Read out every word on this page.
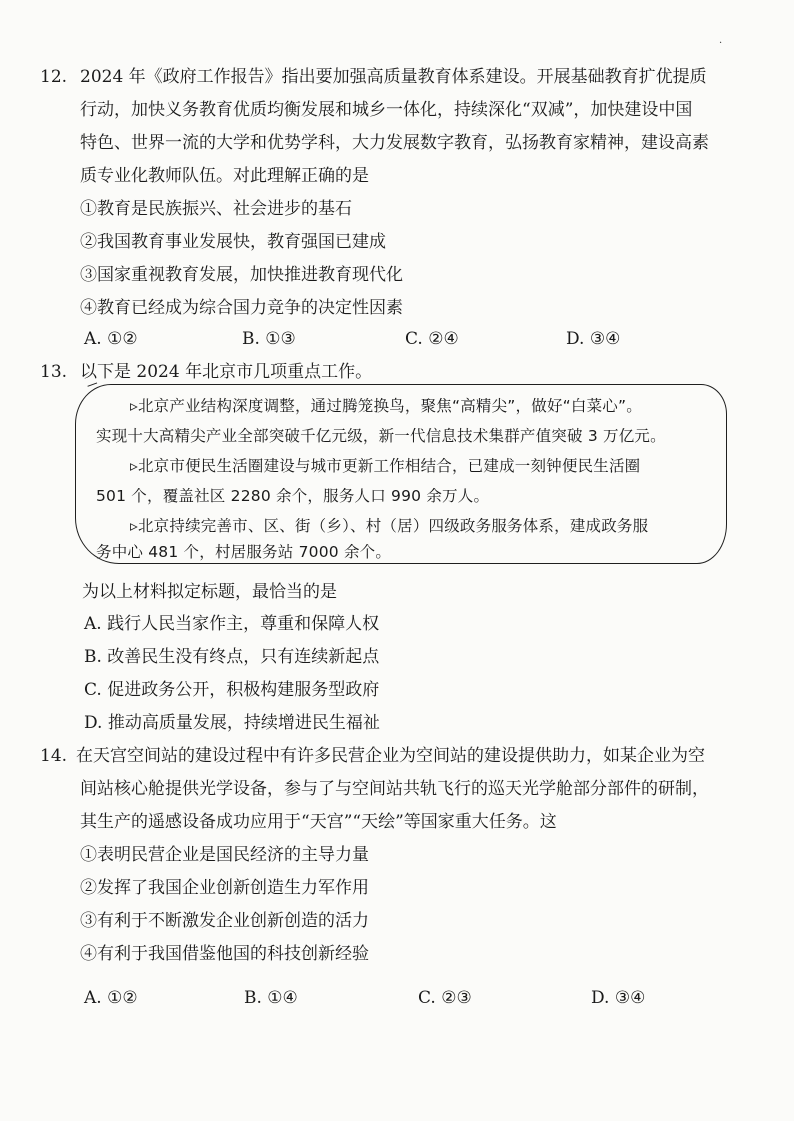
·
12. 2024 年《政府工作报告》指出要加强高质量教育体系建设。开展基础教育扩优提质
行动，加快义务教育优质均衡发展和城乡一体化，持续深化“双减”，加快建设中国
特色、世界一流的大学和优势学科，大力发展数字教育，弘扬教育家精神，建设高素
质专业化教师队伍。对此理解正确的是
①教育是民族振兴、社会进步的基石
②我国教育事业发展快，教育强国已建成
③国家重视教育发展，加快推进教育现代化
④教育已经成为综合国力竞争的决定性因素
A. ①②	B. ①③	C. ②④	D. ③④
13. 以下是 2024 年北京市几项重点工作。
▹北京产业结构深度调整，通过腾笼换鸟，聚焦“高精尖”，做好“白菜心”。
实现十大高精尖产业全部突破千亿元级，新一代信息技术集群产值突破 3 万亿元。
▹北京市便民生活圈建设与城市更新工作相结合，已建成一刻钟便民生活圈
501 个，覆盖社区 2280 余个，服务人口 990 余万人。
▹北京持续完善市、区、街（乡）、村（居）四级政务服务体系，建成政务服
务中心 481 个，村居服务站 7000 余个。
为以上材料拟定标题，最恰当的是
A. 践行人民当家作主，尊重和保障人权
B. 改善民生没有终点，只有连续新起点
C. 促进政务公开，积极构建服务型政府
D. 推动高质量发展，持续增进民生福祉
14. 在天宫空间站的建设过程中有许多民营企业为空间站的建设提供助力，如某企业为空
间站核心舱提供光学设备，参与了与空间站共轨飞行的巡天光学舱部分部件的研制，
其生产的遥感设备成功应用于“天宫”“天绘”等国家重大任务。这
①表明民营企业是国民经济的主导力量
②发挥了我国企业创新创造生力军作用
③有利于不断激发企业创新创造的活力
④有利于我国借鉴他国的科技创新经验
A. ①②	B. ①④	C. ②③	D. ③④
